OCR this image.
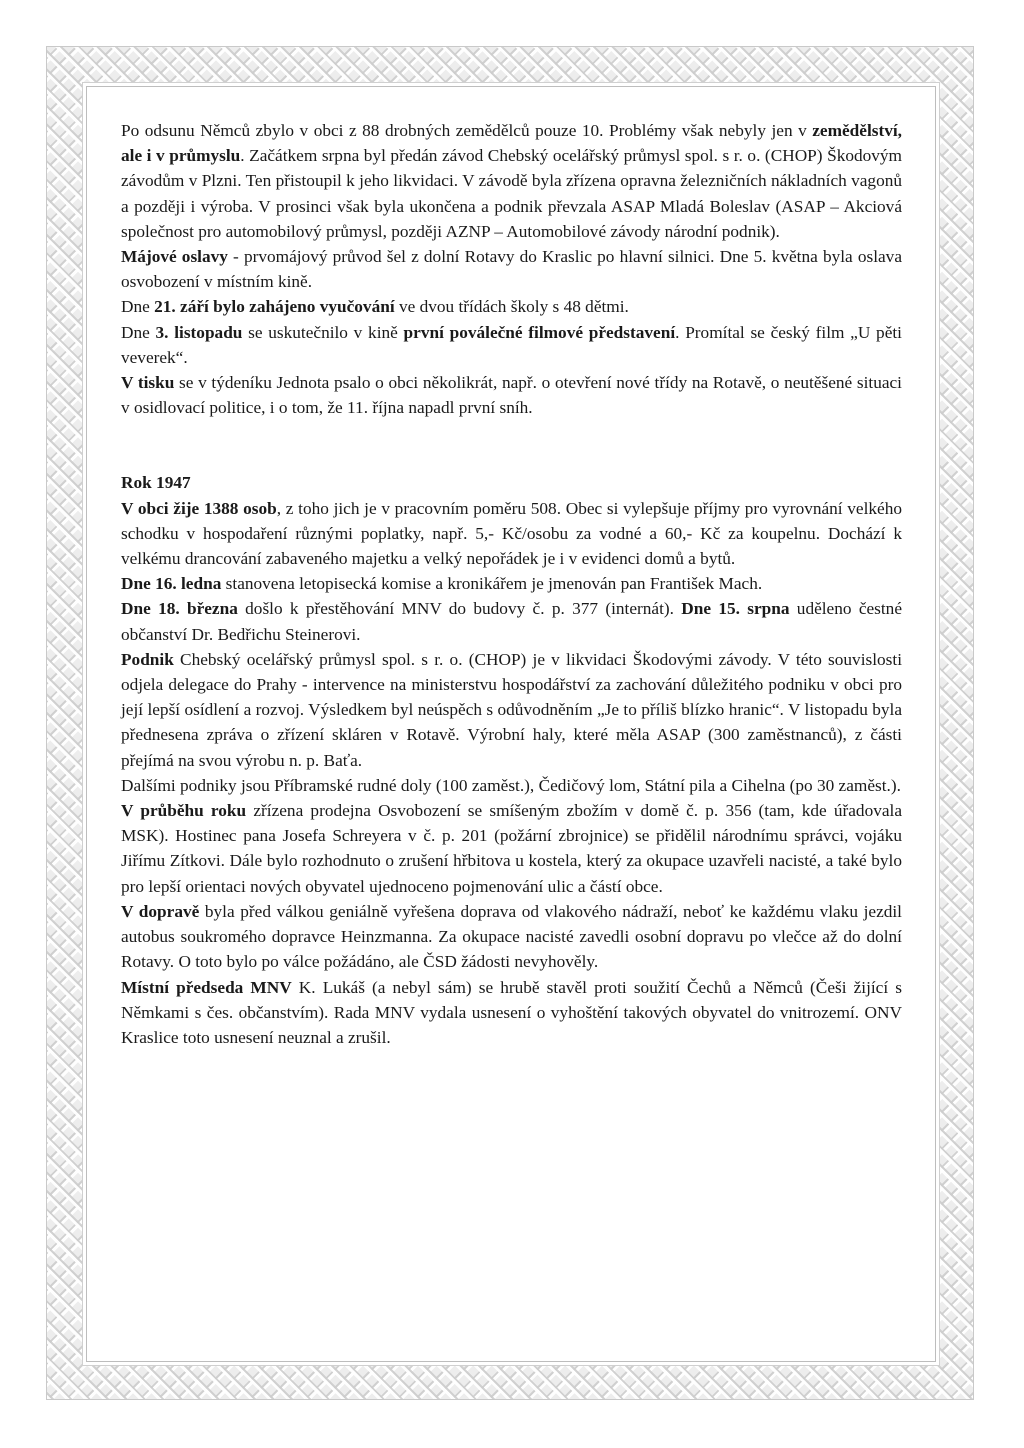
Po odsunu Němců zbylo v obci z 88 drobných zemědělců pouze 10. Problémy však nebyly jen v zemědělství, ale i v průmyslu. Začátkem srpna byl předán závod Chebský ocelářský průmysl spol. s r. o. (CHOP) Škodovým závodům v Plzni. Ten přistoupil k jeho likvidaci. V závodě byla zřízena opravna železničních nákladních vagonů a později i výroba. V prosinci však byla ukončena a podnik převzala ASAP Mladá Boleslav (ASAP – Akciová společnost pro automobilový průmysl, později AZNP – Automobilové závody národní podnik).

Májové oslavy - prvomájový průvod šel z dolní Rotavy do Kraslic po hlavní silnici. Dne 5. května byla oslava osvobození v místním kině.

Dne 21. září bylo zahájeno vyučování ve dvou třídách školy s 48 dětmi.

Dne 3. listopadu se uskutečnilo v kině první poválečné filmové představení. Promítal se český film „U pěti veverek“.

V tisku se v týdeníku Jednota psalo o obci několikrát, např. o otevření nové třídy na Rotavě, o neutěšené situaci v osidlovací politice, i o tom, že 11. října napadl první sníh.

Rok 1947

V obci žije 1388 osob, z toho jich je v pracovním poměru 508. Obec si vylepšuje příjmy pro vyrovnání velkého schodku v hospodaření různými poplatky, např. 5,- Kč/osobu za vodné a 60,- Kč za koupelnu. Dochází k velkému drancování zabaveného majetku a velký nepořádek je i v evidenci domů a bytů.

Dne 16. ledna stanovena letopisecká komise a kronikářem je jmenován pan František Mach.

Dne 18. března došlo k přestěhování MNV do budovy č. p. 377 (internát). Dne 15. srpna uděleno čestné občanství Dr. Bedřichu Steinerovi.

Podnik Chebský ocelářský průmysl spol. s r. o. (CHOP) je v likvidaci Škodovými závody. V této souvislosti odjela delegace do Prahy - intervence na ministerstvu hospodářství za zachování důležitého podniku v obci pro její lepší osídlení a rozvoj. Výsledkem byl neúspěch s odůvodněním „Je to příliš blízko hranic“. V listopadu byla přednesena zpráva o zřízení skláren v Rotavě. Výrobní haly, které měla ASAP (300 zaměstnanců), z části přejímá na svou výrobu n. p. Baťa.

Dalšími podniky jsou Příbramské rudné doly (100 zaměst.), Čedičový lom, Státní pila a Cihelna (po 30 zaměst.).

V průběhu roku zřízena prodejna Osvobození se smíšeným zbožím v domě č. p. 356 (tam, kde úřadovala MSK). Hostinec pana Josefa Schreyera v č. p. 201 (požární zbrojnice) se přidělil národnímu správci, vojáku Jiřímu Zítkovi. Dále bylo rozhodnuto o zrušení hřbitova u kostela, který za okupace uzavřeli nacisté, a také bylo pro lepší orientaci nových obyvatel ujednoceno pojmenování ulic a částí obce.

V dopravě byla před válkou geniálně vyřešena doprava od vlakového nádraží, neboť ke každému vlaku jezdil autobus soukromého dopravce Heinzmanna. Za okupace nacisté zavedli osobní dopravu po vlečce až do dolní Rotavy. O toto bylo po válce požádáno, ale ČSD žádosti nevyhověly.

Místní předseda MNV K. Lukáš (a nebyl sám) se hrubě stavěl proti soužití Čechů a Němců (Češi žijící s Němkami s čes. občanstvím). Rada MNV vydala usnesení o vyhoštění takových obyvatel do vnitrozemí. ONV Kraslice toto usnesení neuznal a zrušil.
